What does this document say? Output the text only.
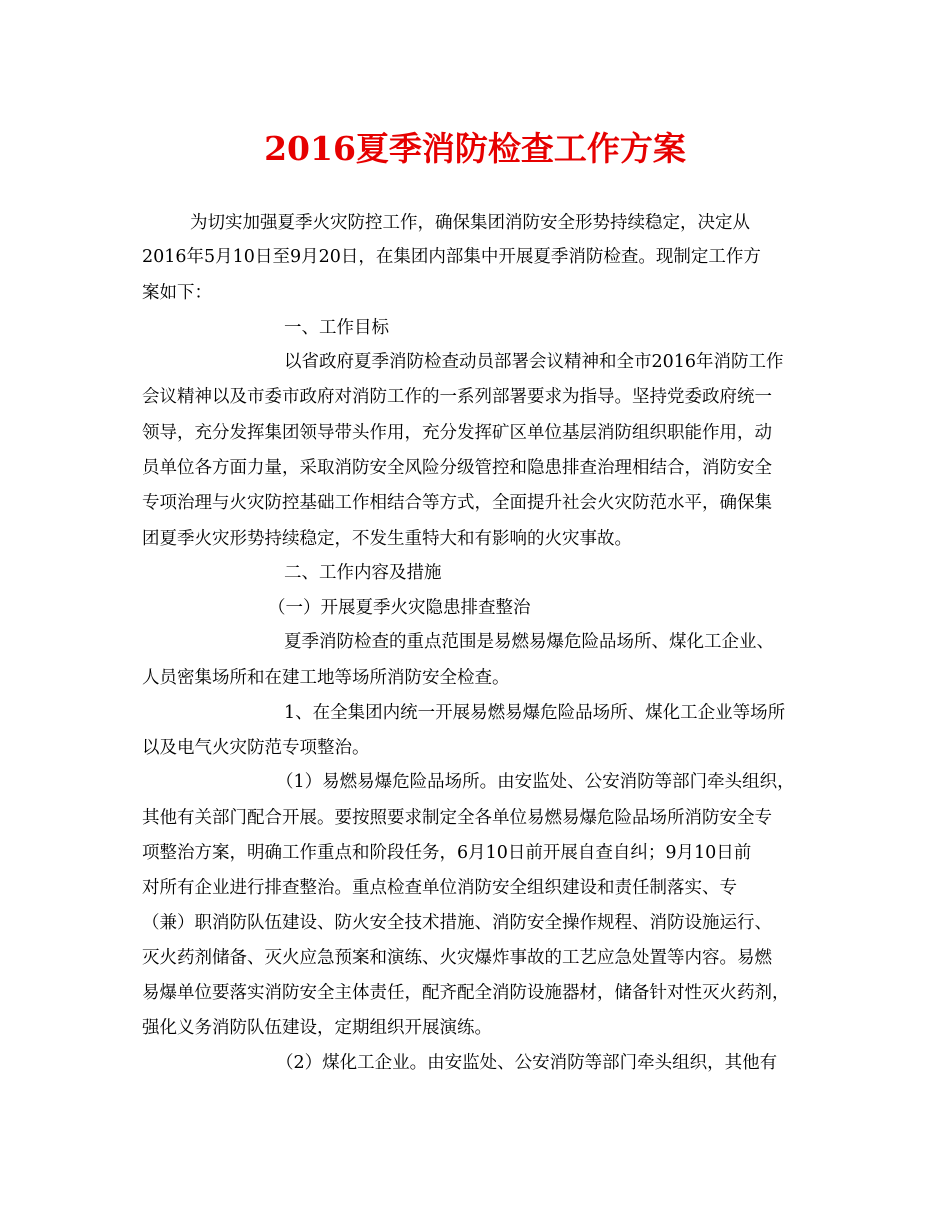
2016夏季消防检查工作方案

为切实加强夏季火灾防控工作，确保集团消防安全形势持续稳定，决定从

2016年5月10日至9月20日，在集团内部集中开展夏季消防检查。现制定工作方

案如下：

一、工作目标

以省政府夏季消防检查动员部署会议精神和全市2016年消防工作

会议精神以及市委市政府对消防工作的一系列部署要求为指导。坚持党委政府统一

领导，充分发挥集团领导带头作用，充分发挥矿区单位基层消防组织职能作用，动

员单位各方面力量，采取消防安全风险分级管控和隐患排查治理相结合，消防安全

专项治理与火灾防控基础工作相结合等方式，全面提升社会火灾防范水平，确保集

团夏季火灾形势持续稳定，不发生重特大和有影响的火灾事故。

二、工作内容及措施

（一）开展夏季火灾隐患排查整治

夏季消防检查的重点范围是易燃易爆危险品场所、煤化工企业、

人员密集场所和在建工地等场所消防安全检查。

1、在全集团内统一开展易燃易爆危险品场所、煤化工企业等场所

以及电气火灾防范专项整治。

（1）易燃易爆危险品场所。由安监处、公安消防等部门牵头组织，

其他有关部门配合开展。要按照要求制定全各单位易燃易爆危险品场所消防安全专

项整治方案，明确工作重点和阶段任务，6月10日前开展自查自纠；9月10日前

对所有企业进行排查整治。重点检查单位消防安全组织建设和责任制落实、专

（兼）职消防队伍建设、防火安全技术措施、消防安全操作规程、消防设施运行、

灭火药剂储备、灭火应急预案和演练、火灾爆炸事故的工艺应急处置等内容。易燃

易爆单位要落实消防安全主体责任，配齐配全消防设施器材，储备针对性灭火药剂，

强化义务消防队伍建设，定期组织开展演练。

（2）煤化工企业。由安监处、公安消防等部门牵头组织，其他有
